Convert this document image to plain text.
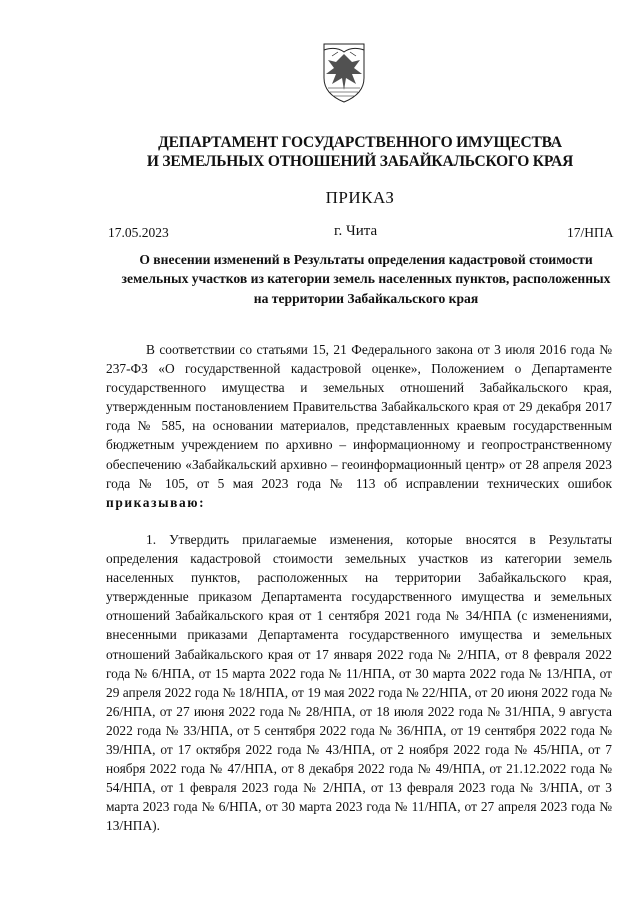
ДЕПАРТАМЕНТ ГОСУДАРСТВЕННОГО ИМУЩЕСТВА
И ЗЕМЕЛЬНЫХ ОТНОШЕНИЙ ЗАБАЙКАЛЬСКОГО КРАЯ
ПРИКАЗ
17.05.2023	г. Чита	17/НПА
О внесении изменений в Результаты определения кадастровой стоимости земельных участков из категории земель населенных пунктов, расположенных на территории Забайкальского края

В соответствии со статьями 15, 21 Федерального закона от 3 июля 2016 года № 237-ФЗ «О государственной кадастровой оценке», Положением о Департаменте государственного имущества и земельных отношений Забайкальского края, утвержденным постановлением Правительства Забайкальского края от 29 декабря 2017 года № 585, на основании материалов, представленных краевым государственным бюджетным учреждением по архивно – информационному и геопространственному обеспечению «Забайкальский архивно – геоинформационный центр» от 28 апреля 2023 года № 105, от 5 мая 2023 года № 113 об исправлении технических ошибок приказываю:

1. Утвердить прилагаемые изменения, которые вносятся в Результаты определения кадастровой стоимости земельных участков из категории земель населенных пунктов, расположенных на территории Забайкальского края, утвержденные приказом Департамента государственного имущества и земельных отношений Забайкальского края от 1 сентября 2021 года № 34/НПА (с изменениями, внесенными приказами Департамента государственного имущества и земельных отношений Забайкальского края от 17 января 2022 года № 2/НПА, от 8 февраля 2022 года № 6/НПА, от 15 марта 2022 года № 11/НПА, от 30 марта 2022 года № 13/НПА, от 29 апреля 2022 года № 18/НПА, от 19 мая 2022 года № 22/НПА, от 20 июня 2022 года № 26/НПА, от 27 июня 2022 года № 28/НПА, от 18 июля 2022 года № 31/НПА, 9 августа 2022 года № 33/НПА, от 5 сентября 2022 года № 36/НПА, от 19 сентября 2022 года № 39/НПА, от 17 октября 2022 года № 43/НПА, от 2 ноября 2022 года № 45/НПА, от 7 ноября 2022 года № 47/НПА, от 8 декабря 2022 года № 49/НПА, от 21.12.2022 года № 54/НПА, от 1 февраля 2023 года № 2/НПА, от 13 февраля 2023 года № 3/НПА, от 3 марта 2023 года № 6/НПА, от 30 марта 2023 года № 11/НПА, от 27 апреля 2023 года № 13/НПА).
